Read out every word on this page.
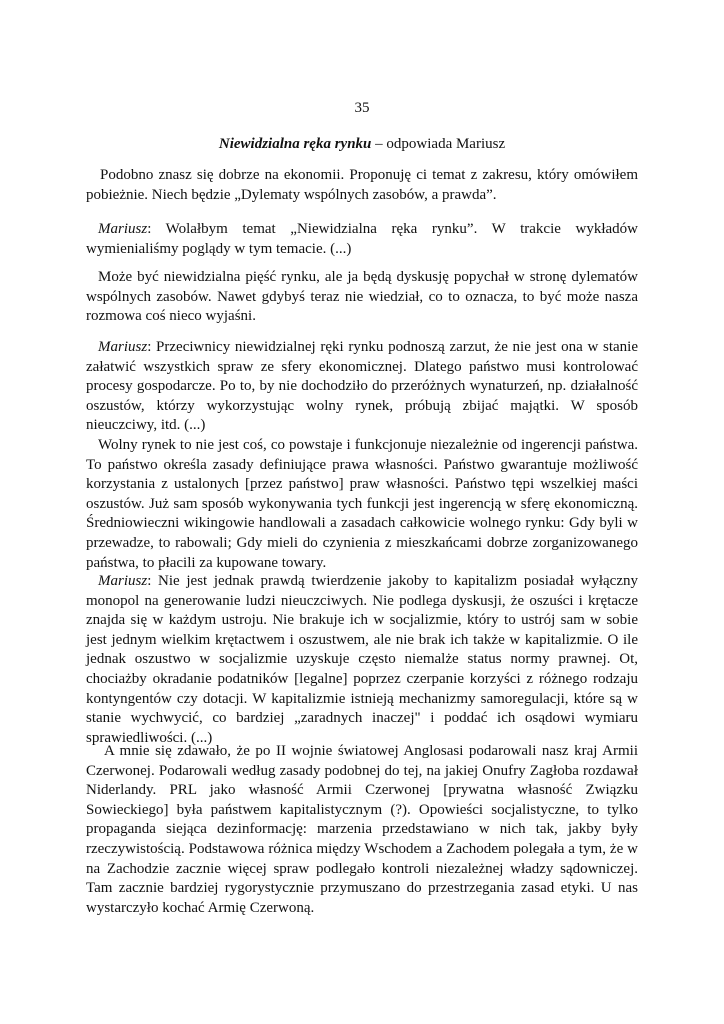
35
Niewidzialna ręka rynku – odpowiada Mariusz

Podobno znasz się dobrze na ekonomii. Proponuję ci temat z zakresu, który omówiłem pobieżnie. Niech będzie „Dylematy wspólnych zasobów, a prawda”.

Mariusz: Wolałbym temat „Niewidzialna ręka rynku”. W trakcie wykładów wymienialiśmy poglądy w tym temacie. (...)

Może być niewidzialna pięść rynku, ale ja będą dyskusję popychał w stronę dylematów wspólnych zasobów. Nawet gdybyś teraz nie wiedział, co to oznacza, to być może nasza rozmowa coś nieco wyjaśni.

Mariusz: Przeciwnicy niewidzialnej ręki rynku podnoszą zarzut, że nie jest ona w stanie załatwić wszystkich spraw ze sfery ekonomicznej. Dlatego państwo musi kontrolować procesy gospodarcze. Po to, by nie dochodziło do przeróżnych wynaturzeń, np. działalność oszustów, którzy wykorzystując wolny rynek, próbują zbijać majątki. W sposób nieuczciwy, itd. (...)

Wolny rynek to nie jest coś, co powstaje i funkcjonuje niezależnie od ingerencji państwa. To państwo określa zasady definiujące prawa własności. Państwo gwarantuje możliwość korzystania z ustalonych [przez państwo] praw własności. Państwo tępi wszelkiej maści oszustów. Już sam sposób wykonywania tych funkcji jest ingerencją w sferę ekonomiczną. Średniowieczni wikingowie handlowali a zasadach całkowicie wolnego rynku: Gdy byli w przewadze, to rabowali; Gdy mieli do czynienia z mieszkańcami dobrze zorganizowanego państwa, to płacili za kupowane towary.

Mariusz: Nie jest jednak prawdą twierdzenie jakoby to kapitalizm posiadał wyłączny monopol na generowanie ludzi nieuczciwych. Nie podlega dyskusji, że oszuści i krętacze znajda się w każdym ustroju. Nie brakuje ich w socjalizmie, który to ustrój sam w sobie jest jednym wielkim krętactwem i oszustwem, ale nie brak ich także w kapitalizmie. O ile jednak oszustwo w socjalizmie uzyskuje często niemalże status normy prawnej. Ot, chociażby okradanie podatników [legalne] poprzez czerpanie korzyści z różnego rodzaju kontyngentów czy dotacji. W kapitalizmie istnieją mechanizmy samoregulacji, które są w stanie wychwycić, co bardziej „zaradnych inaczej" i poddać ich osądowi wymiaru sprawiedliwości. (...)

A mnie się zdawało, że po II wojnie światowej Anglosasi podarowali nasz kraj Armii Czerwonej. Podarowali według zasady podobnej do tej, na jakiej Onufry Zagłoba rozdawał Niderlandy. PRL jako własność Armii Czerwonej [prywatna własność Związku Sowieckiego] była państwem kapitalistycznym (?). Opowieści socjalistyczne, to tylko propaganda siejąca dezinformację: marzenia przedstawiano w nich tak, jakby były rzeczywistością. Podstawowa różnica między Wschodem a Zachodem polegała a tym, że w na Zachodzie zacznie więcej spraw podlegało kontroli niezależnej władzy sądowniczej. Tam zacznie bardziej rygorystycznie przymuszano do przestrzegania zasad etyki. U nas wystarczyło kochać Armię Czerwoną.
